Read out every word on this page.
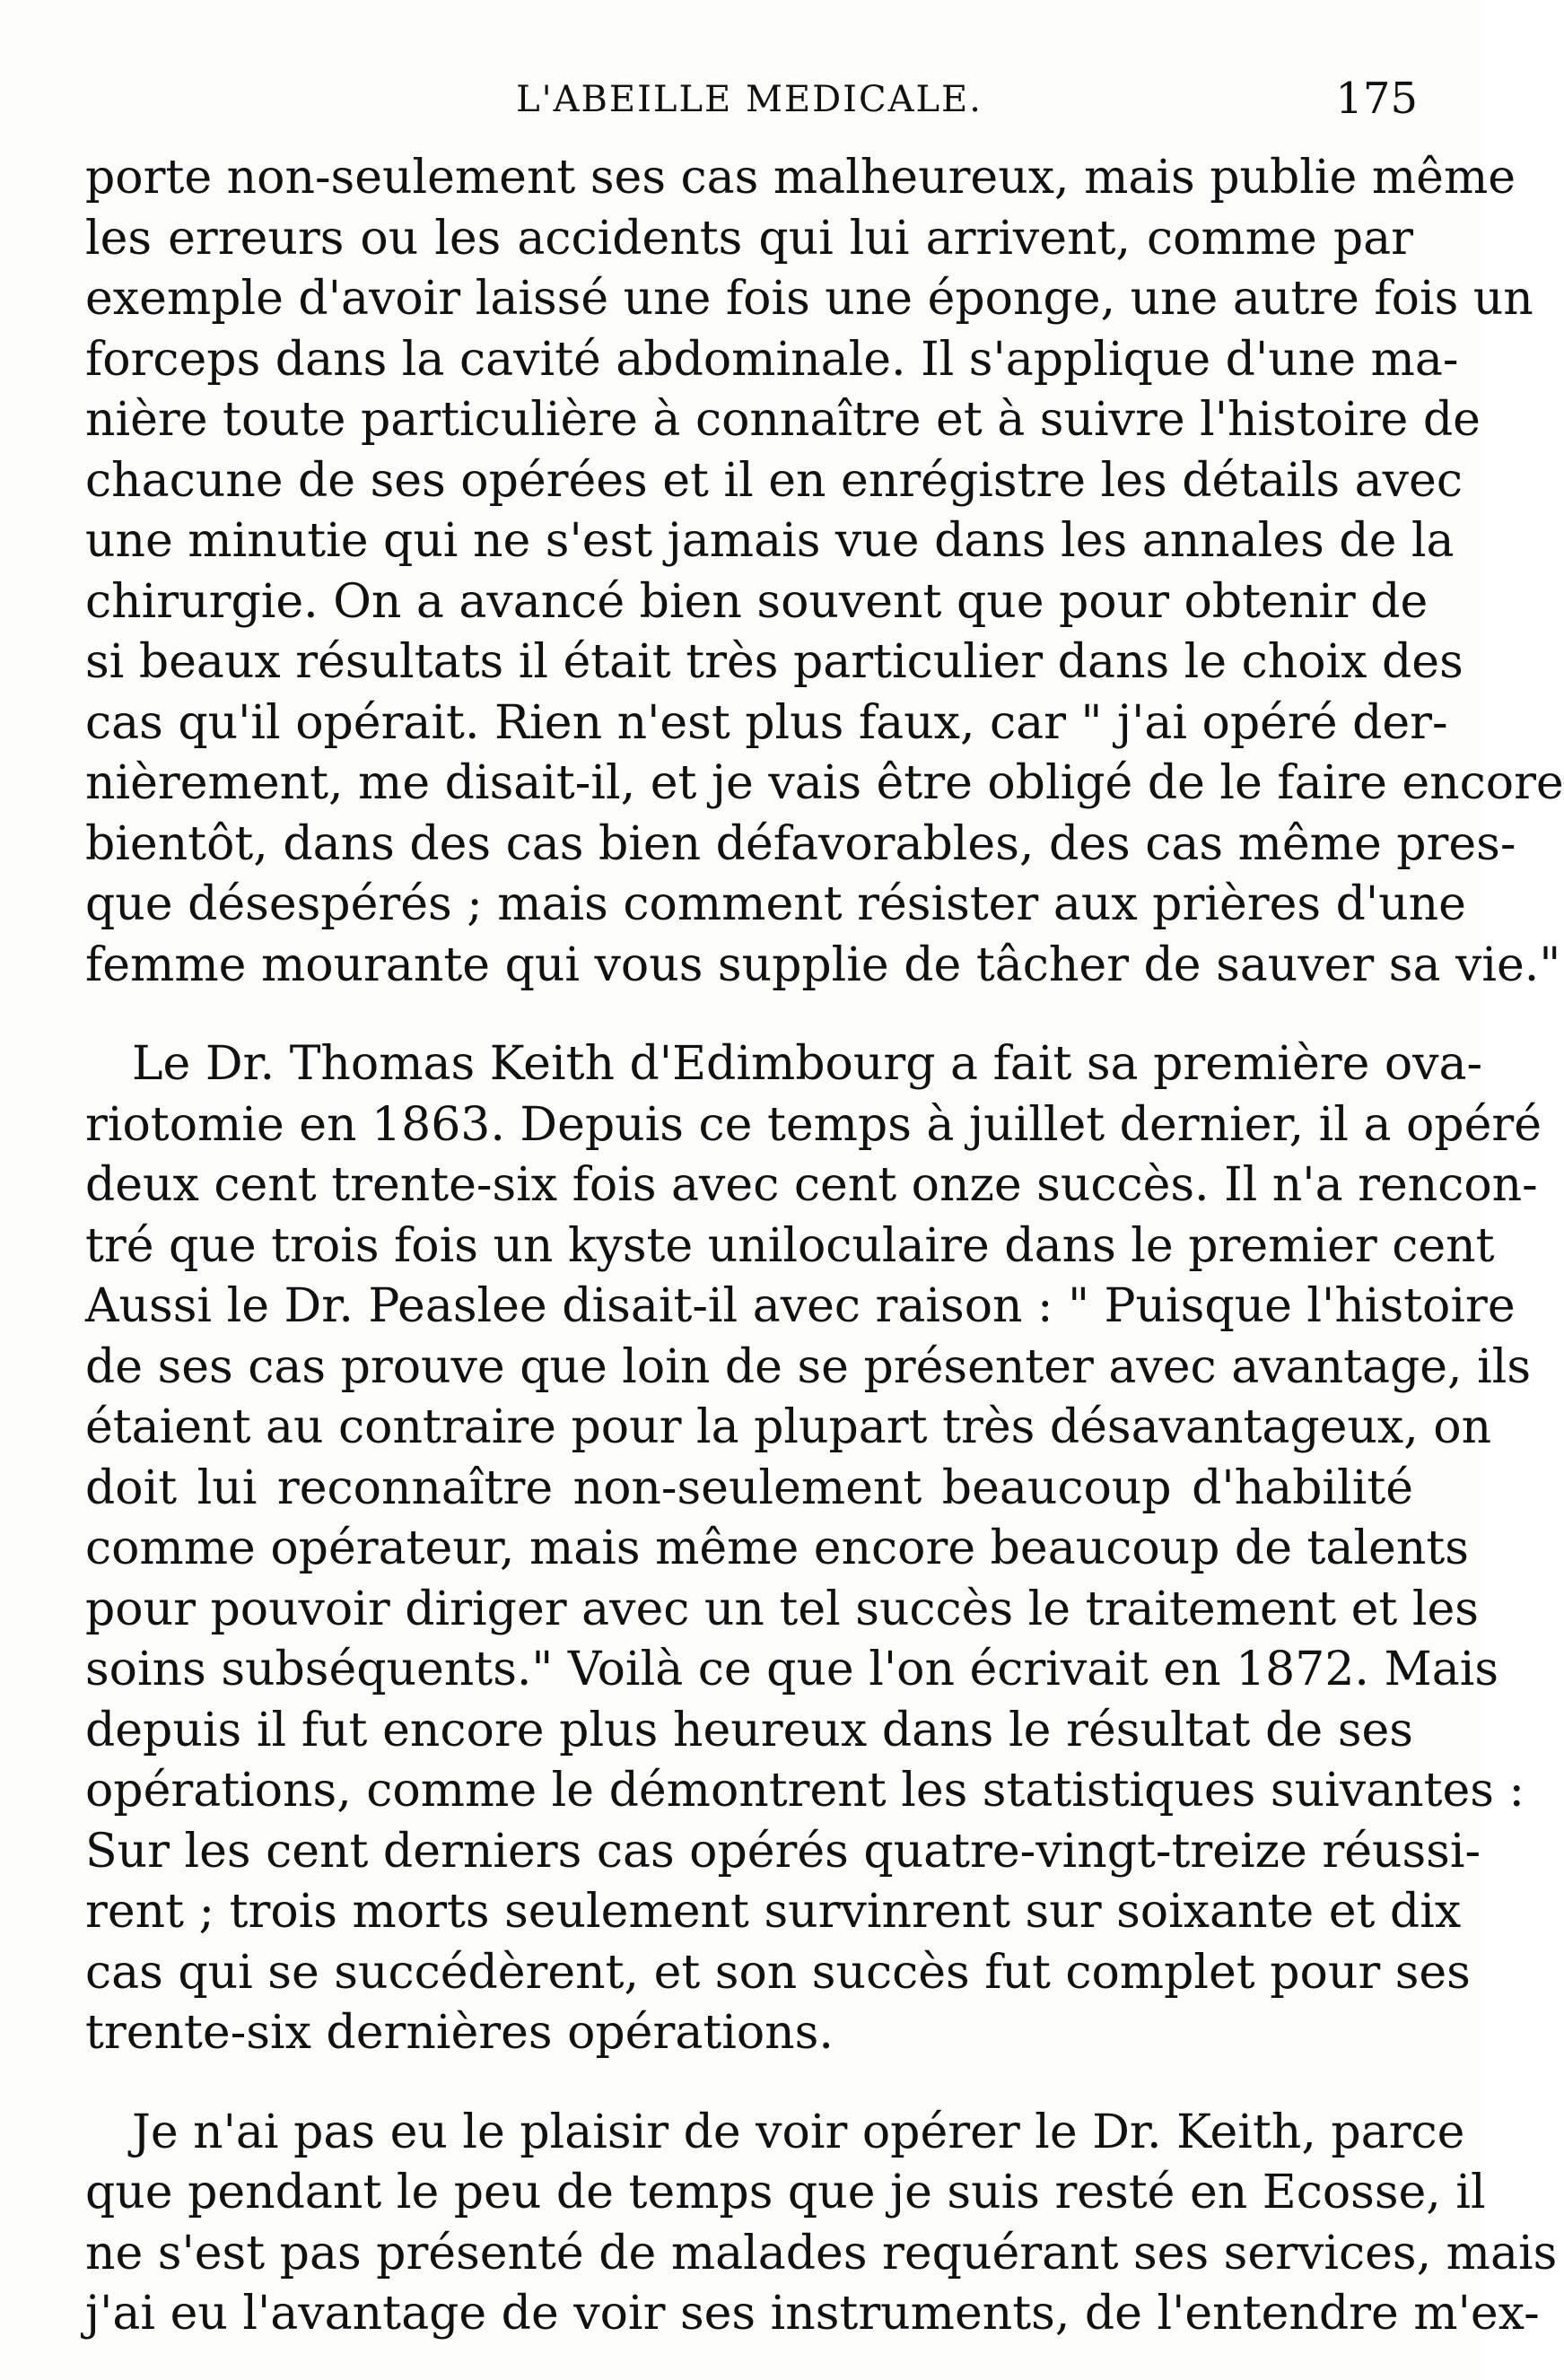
L'ABEILLE MEDICALE.	175
porte non-seulement ses cas malheureux, mais publie même
les erreurs ou les accidents qui lui arrivent, comme par
exemple d'avoir laissé une fois une éponge, une autre fois un
forceps dans la cavité abdominale. Il s'applique d'une ma-
nière toute particulière à connaître et à suivre l'histoire de
chacune de ses opérées et il en enrégistre les détails avec
une minutie qui ne s'est jamais vue dans les annales de la
chirurgie. On a avancé bien souvent que pour obtenir de
si beaux résultats il était très particulier dans le choix des
cas qu'il opérait. Rien n'est plus faux, car " j'ai opéré der-
nièrement, me disait-il, et je vais être obligé de le faire encore
bientôt, dans des cas bien défavorables, des cas même pres-
que désespérés ; mais comment résister aux prières d'une
femme mourante qui vous supplie de tâcher de sauver sa vie."
Le Dr. Thomas Keith d'Edimbourg a fait sa première ova-
riotomie en 1863. Depuis ce temps à juillet dernier, il a opéré
deux cent trente-six fois avec cent onze succès. Il n'a rencon-
tré que trois fois un kyste uniloculaire dans le premier cent
Aussi le Dr. Peaslee disait-il avec raison : " Puisque l'histoire
de ses cas prouve que loin de se présenter avec avantage, ils
étaient au contraire pour la plupart très désavantageux, on
doit lui reconnaître non-seulement beaucoup d'habilité
comme opérateur, mais même encore beaucoup de talents
pour pouvoir diriger avec un tel succès le traitement et les
soins subséquents." Voilà ce que l'on écrivait en 1872. Mais
depuis il fut encore plus heureux dans le résultat de ses
opérations, comme le démontrent les statistiques suivantes :
Sur les cent derniers cas opérés quatre-vingt-treize réussi-
rent ; trois morts seulement survinrent sur soixante et dix
cas qui se succédèrent, et son succès fut complet pour ses
trente-six dernières opérations.
Je n'ai pas eu le plaisir de voir opérer le Dr. Keith, parce
que pendant le peu de temps que je suis resté en Ecosse, il
ne s'est pas présenté de malades requérant ses services, mais
j'ai eu l'avantage de voir ses instruments, de l'entendre m'ex-
